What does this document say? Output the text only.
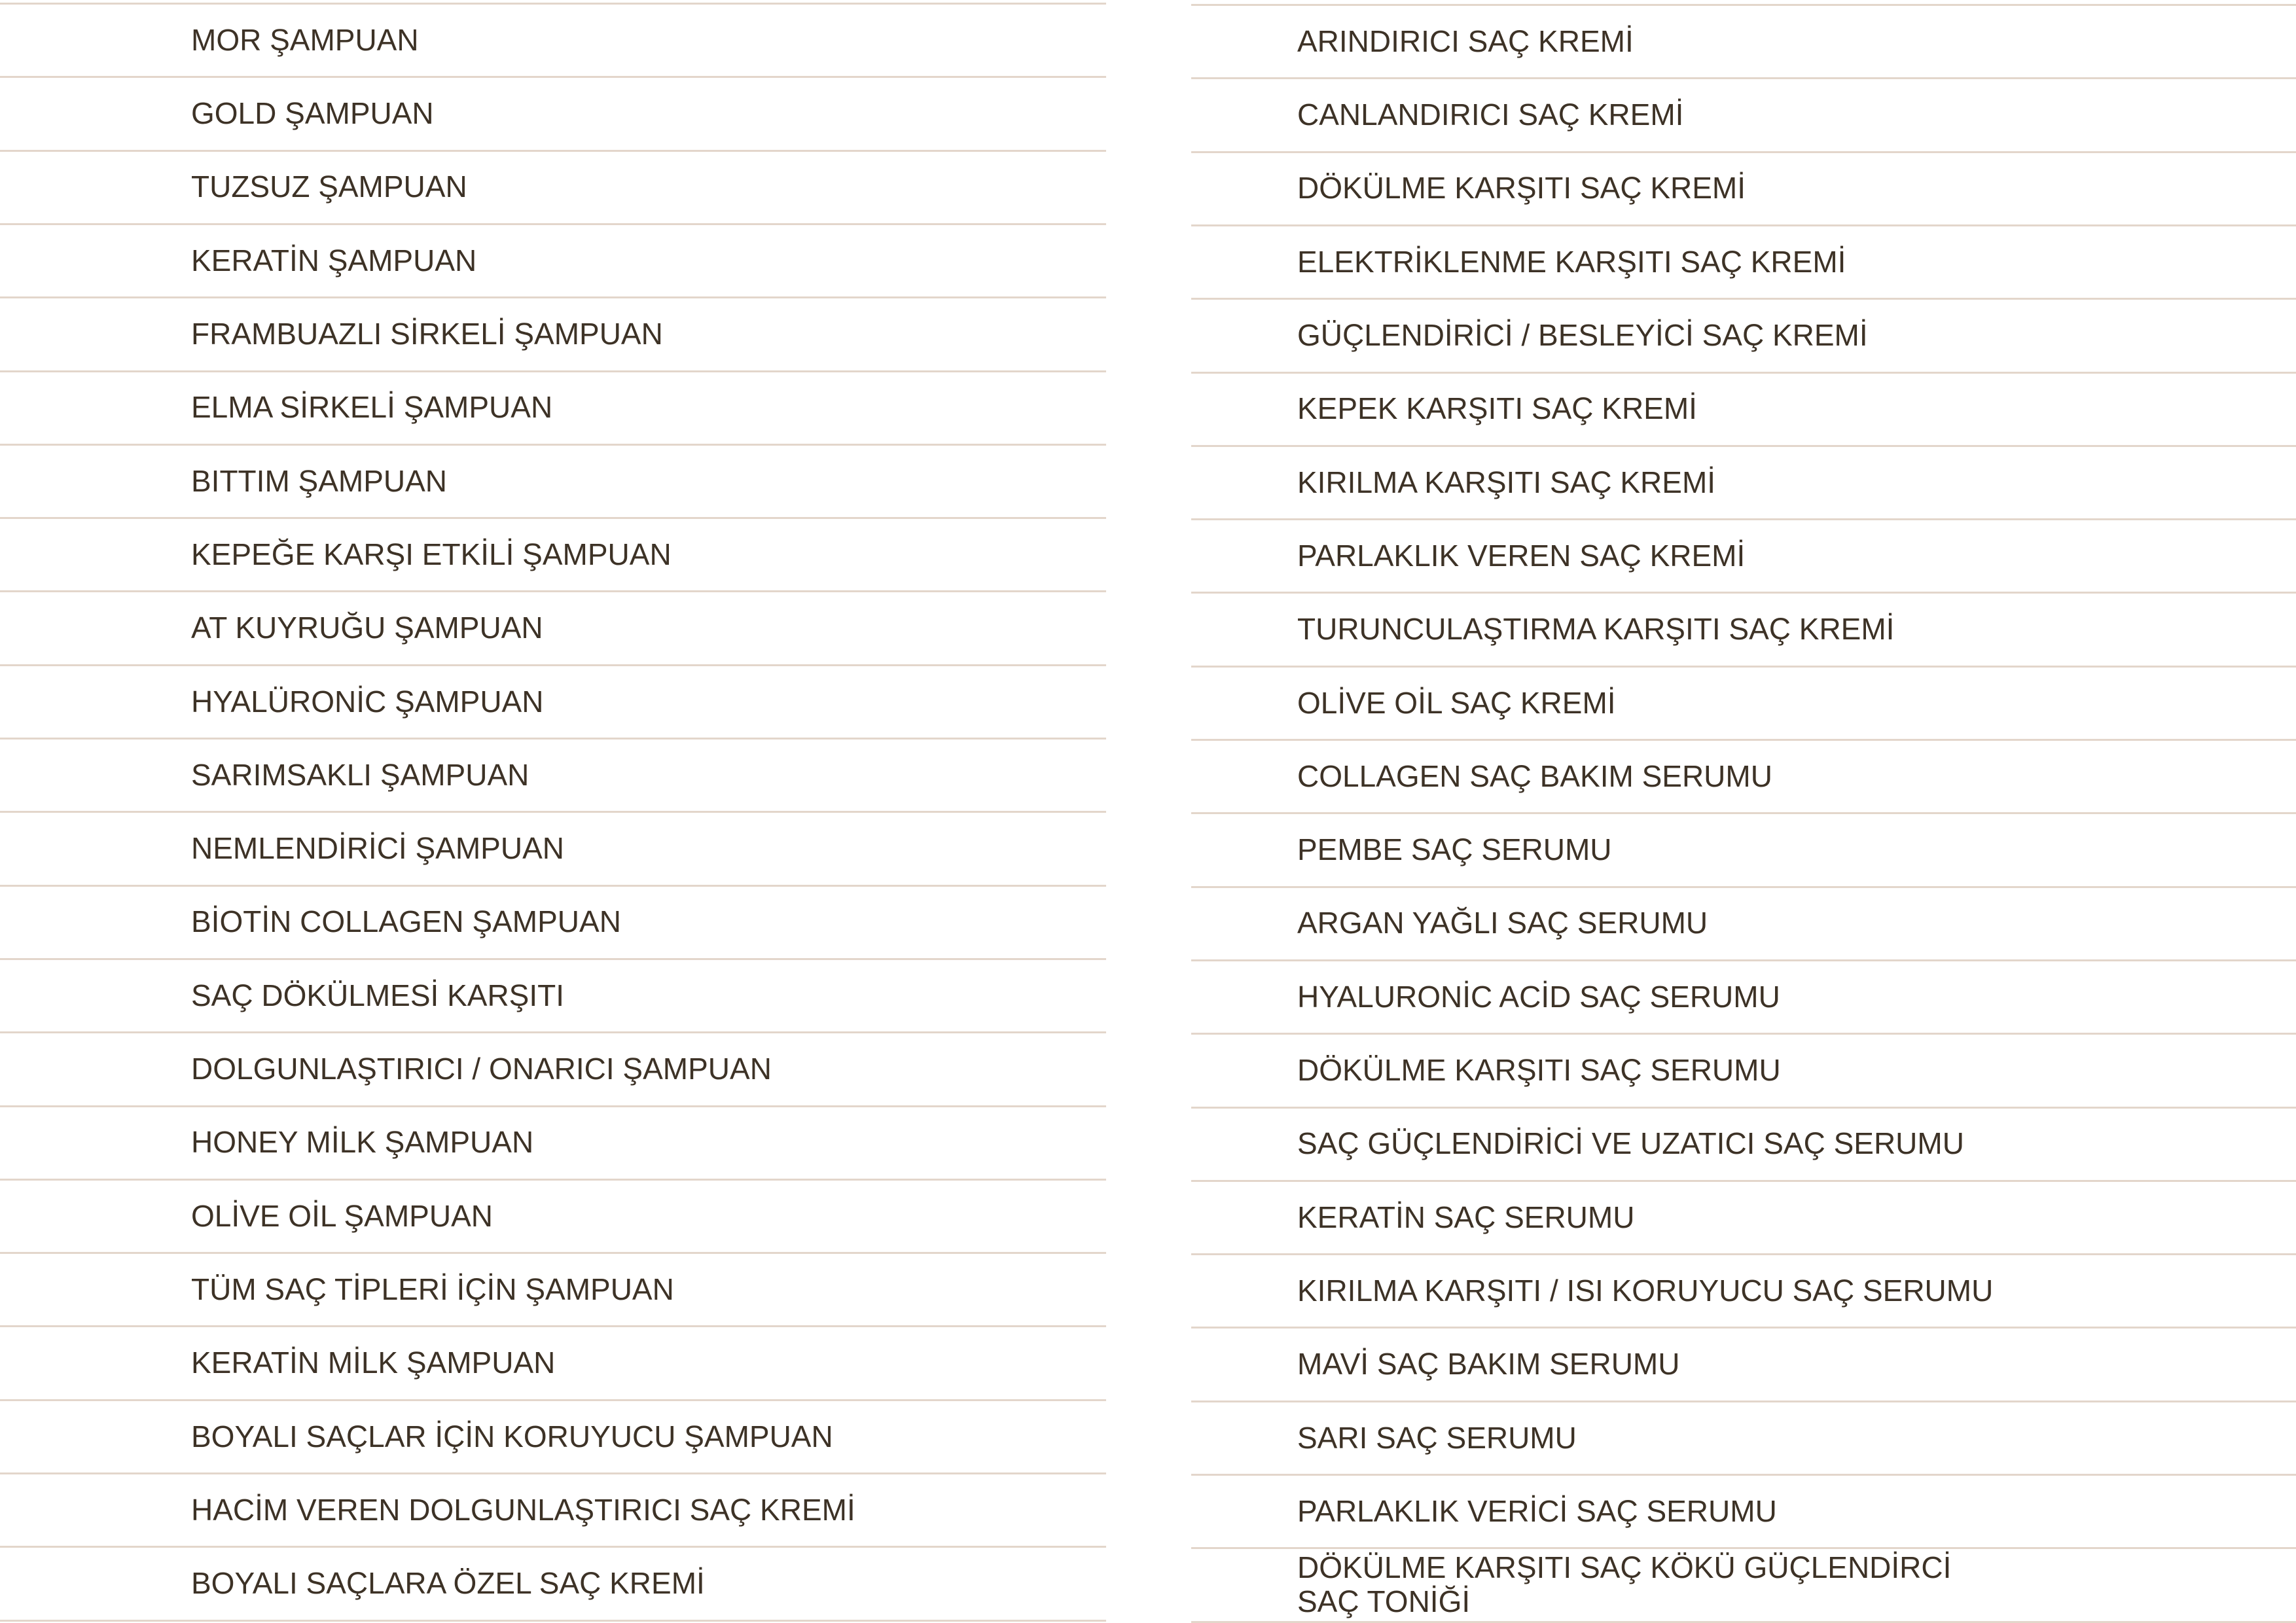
MOR ŞAMPUAN
GOLD ŞAMPUAN
TUZSUZ ŞAMPUAN
KERATİN ŞAMPUAN
FRAMBUAZLI SİRKELİ ŞAMPUAN
ELMA SİRKELİ ŞAMPUAN
BITTIM ŞAMPUAN
KEPEĞE KARŞI ETKİLİ ŞAMPUAN
AT KUYRUĞU ŞAMPUAN
HYALÜRONİC ŞAMPUAN
SARIMSAKLI ŞAMPUAN
NEMLENDİRİCİ ŞAMPUAN
BİOTİN COLLAGEN ŞAMPUAN
SAÇ DÖKÜLMESİ KARŞITI
DOLGUNLAŞTIRICI / ONARICI ŞAMPUAN
HONEY MİLK ŞAMPUAN
OLİVE OİL ŞAMPUAN
TÜM SAÇ TİPLERİ İÇİN ŞAMPUAN
KERATİN MİLK ŞAMPUAN
BOYALI SAÇLAR İÇİN KORUYUCU ŞAMPUAN
HACİM VEREN DOLGUNLAŞTIRICI SAÇ KREMİ
BOYALI SAÇLARA ÖZEL SAÇ KREMİ
ARINDIRICI SAÇ KREMİ
CANLANDIRICI SAÇ KREMİ
DÖKÜLME KARŞITI SAÇ KREMİ
ELEKTRİKLENME KARŞITI SAÇ KREMİ
GÜÇLENDİRİCİ / BESLEYİCİ SAÇ KREMİ
KEPEK KARŞITI SAÇ KREMİ
KIRILMA KARŞITI SAÇ KREMİ
PARLAKLIK VEREN SAÇ KREMİ
TURUNCULAŞTIRMA KARŞITI SAÇ KREMİ
OLİVE OİL SAÇ KREMİ
COLLAGEN SAÇ BAKIM SERUMU
PEMBE SAÇ SERUMU
ARGAN YAĞLI SAÇ SERUMU
HYALURONİC ACİD SAÇ SERUMU
DÖKÜLME KARŞITI SAÇ SERUMU
SAÇ GÜÇLENDİRİCİ VE UZATICI SAÇ SERUMU
KERATİN SAÇ SERUMU
KIRILMA KARŞITI / ISI KORUYUCU SAÇ SERUMU
MAVİ SAÇ BAKIM SERUMU
SARI SAÇ SERUMU
PARLAKLIK VERİCİ SAÇ SERUMU
DÖKÜLME KARŞITI SAÇ KÖKÜ GÜÇLENDİRCİ SAÇ TONİĞİ
